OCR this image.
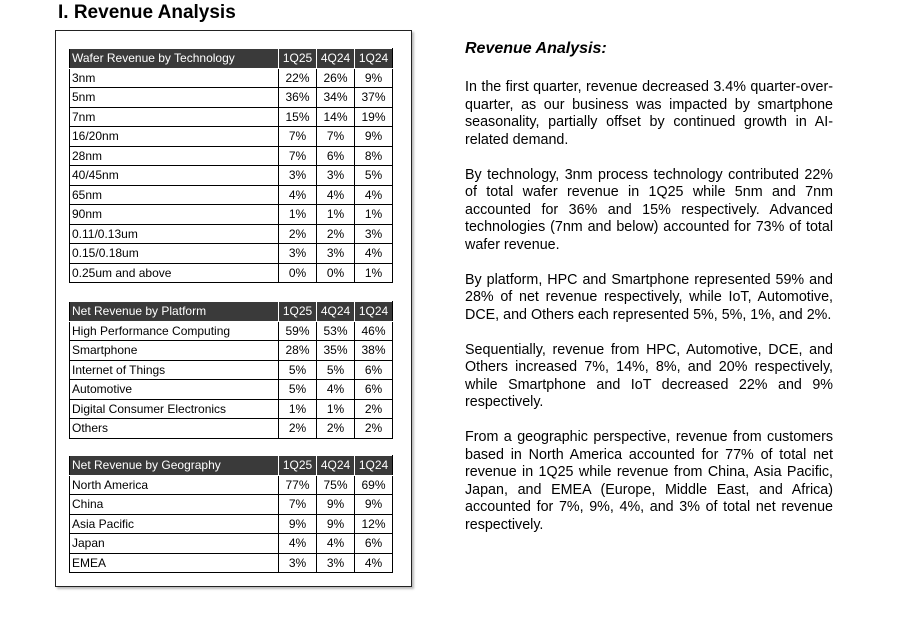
I. Revenue Analysis
Wafer Revenue by Technology	1Q25	4Q24	1Q24
3nm	22%	26%	9%
5nm	36%	34%	37%
7nm	15%	14%	19%
16/20nm	7%	7%	9%
28nm	7%	6%	8%
40/45nm	3%	3%	5%
65nm	4%	4%	4%
90nm	1%	1%	1%
0.11/0.13um	2%	2%	3%
0.15/0.18um	3%	3%	4%
0.25um and above	0%	0%	1%
Net Revenue by Platform	1Q25	4Q24	1Q24
High Performance Computing	59%	53%	46%
Smartphone	28%	35%	38%
Internet of Things	5%	5%	6%
Automotive	5%	4%	6%
Digital Consumer Electronics	1%	1%	2%
Others	2%	2%	2%
Net Revenue by Geography	1Q25	4Q24	1Q24
North America	77%	75%	69%
China	7%	9%	9%
Asia Pacific	9%	9%	12%
Japan	4%	4%	6%
EMEA	3%	3%	4%
Revenue Analysis:

In the first quarter, revenue decreased 3.4% quarter-over-quarter, as our business was impacted by smartphone seasonality, partially offset by continued growth in AI-related demand.

By technology, 3nm process technology contributed 22% of total wafer revenue in 1Q25 while 5nm and 7nm accounted for 36% and 15% respectively. Advanced technologies (7nm and below) accounted for 73% of total wafer revenue.

By platform, HPC and Smartphone represented 59% and 28% of net revenue respectively, while IoT, Automotive, DCE, and Others each represented 5%, 5%, 1%, and 2%.

Sequentially, revenue from HPC, Automotive, DCE, and Others increased 7%, 14%, 8%, and 20% respectively, while Smartphone and IoT decreased 22% and 9% respectively.

From a geographic perspective, revenue from customers based in North America accounted for 77% of total net revenue in 1Q25 while revenue from China, Asia Pacific, Japan, and EMEA (Europe, Middle East, and Africa) accounted for 7%, 9%, 4%, and 3% of total net revenue respectively.
